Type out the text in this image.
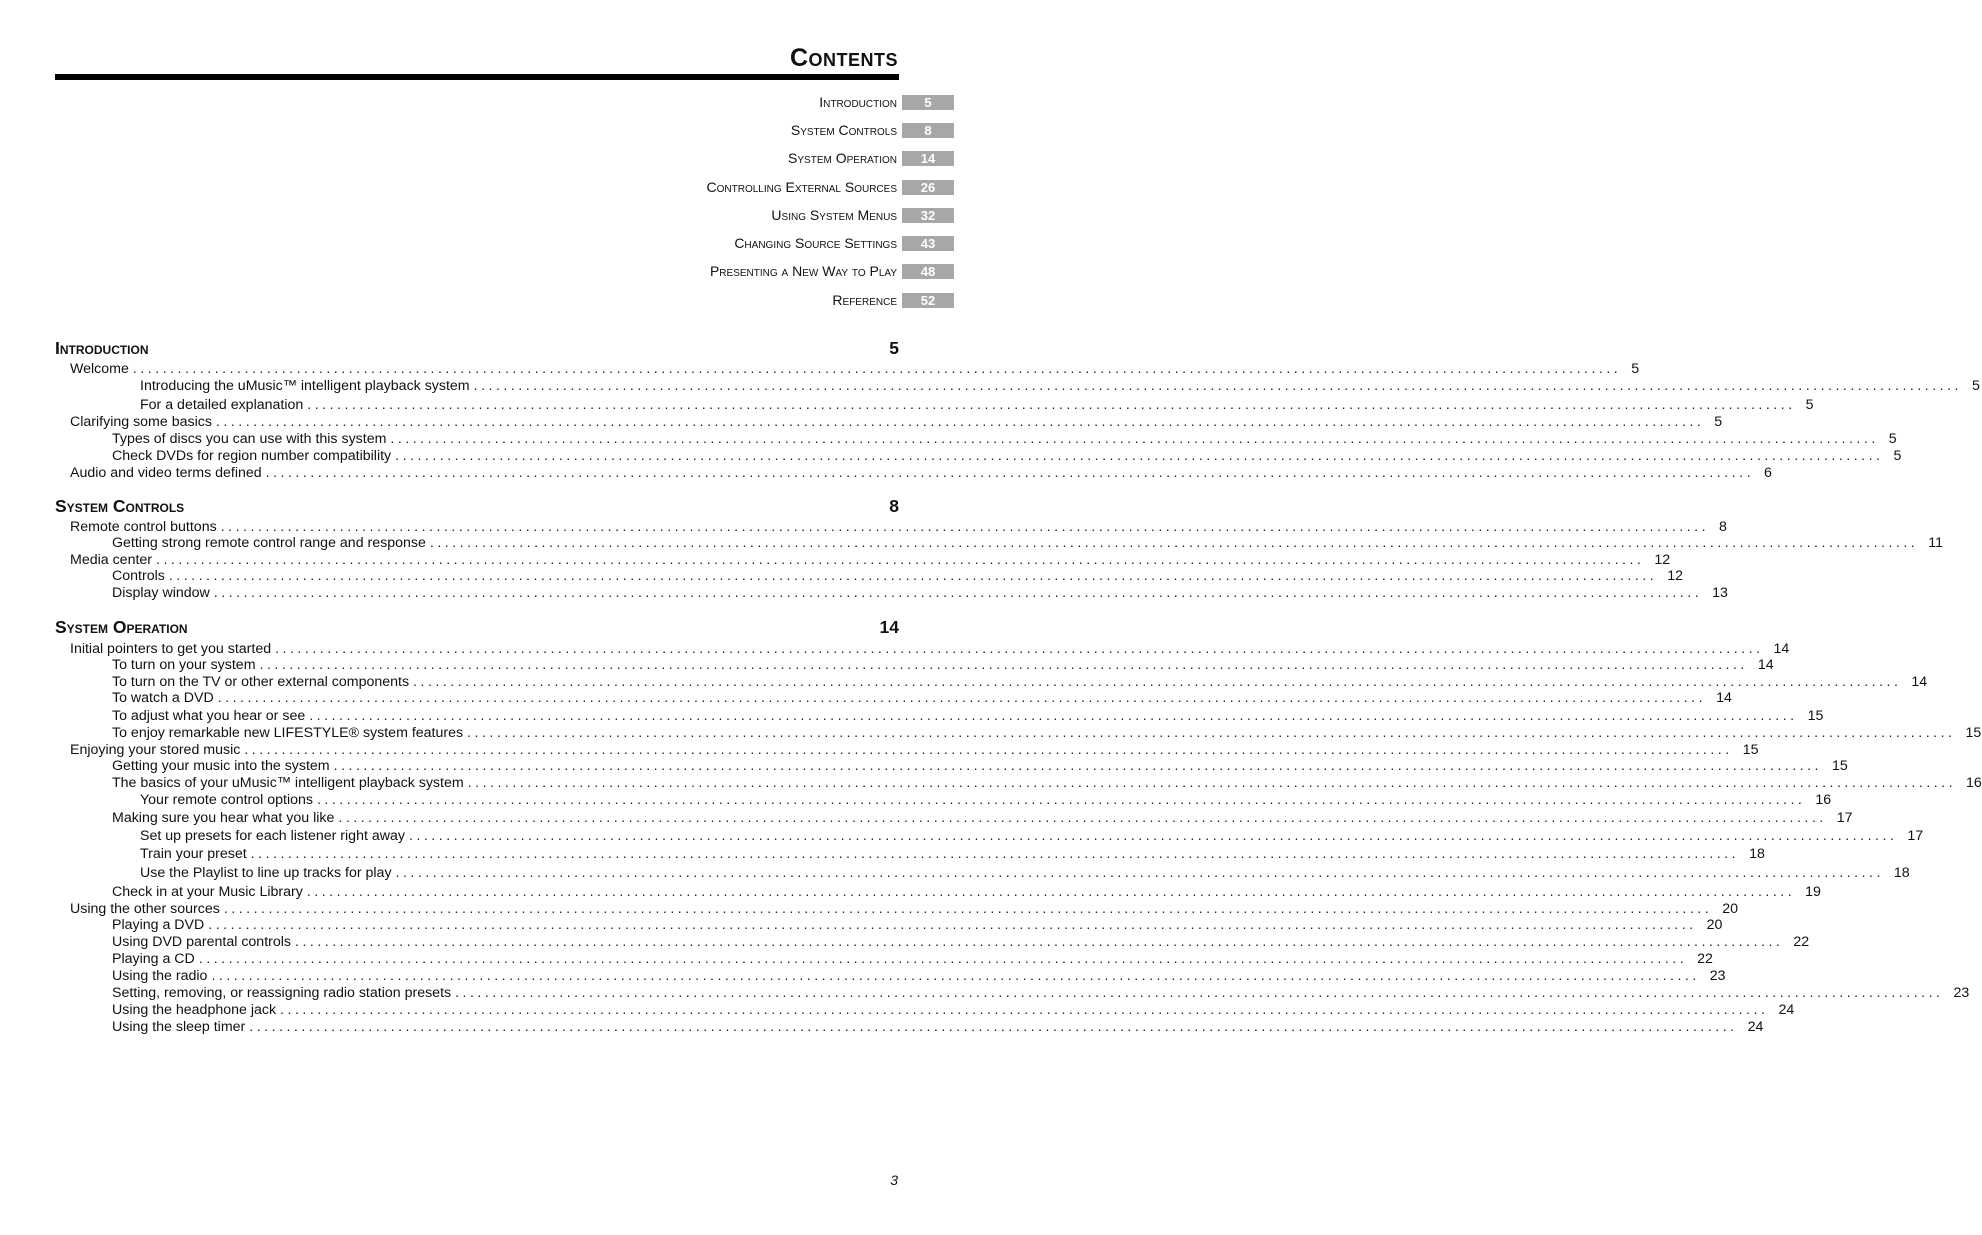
Contents
Introduction	5
System Controls	8
System Operation	14
Controlling External Sources	26
Using System Menus	32
Changing Source Settings	43
Presenting a New Way to Play	48
Reference	52
Introduction	5
Welcome ........................................................................................................................................................................................................ 5
Introducing the uMusic™ intelligent playback system ........................................................................................................................................................................................................ 5
For a detailed explanation ........................................................................................................................................................................................................ 5
Clarifying some basics ........................................................................................................................................................................................................ 5
Types of discs you can use with this system ........................................................................................................................................................................................................ 5
Check DVDs for region number compatibility ........................................................................................................................................................................................................ 5
Audio and video terms defined ........................................................................................................................................................................................................ 6
System Controls	8
Remote control buttons ........................................................................................................................................................................................................ 8
Getting strong remote control range and response ........................................................................................................................................................................................................ 11
Media center ........................................................................................................................................................................................................ 12
Controls ........................................................................................................................................................................................................ 12
Display window ........................................................................................................................................................................................................ 13
System Operation	14
Initial pointers to get you started ........................................................................................................................................................................................................ 14
To turn on your system ........................................................................................................................................................................................................ 14
To turn on the TV or other external components ........................................................................................................................................................................................................ 14
To watch a DVD ........................................................................................................................................................................................................ 14
To adjust what you hear or see ........................................................................................................................................................................................................ 15
To enjoy remarkable new LIFESTYLE® system features ........................................................................................................................................................................................................ 15
Enjoying your stored music ........................................................................................................................................................................................................ 15
Getting your music into the system ........................................................................................................................................................................................................ 15
The basics of your uMusic™ intelligent playback system ........................................................................................................................................................................................................ 16
Your remote control options ........................................................................................................................................................................................................ 16
Making sure you hear what you like ........................................................................................................................................................................................................ 17
Set up presets for each listener right away ........................................................................................................................................................................................................ 17
Train your preset ........................................................................................................................................................................................................ 18
Use the Playlist to line up tracks for play ........................................................................................................................................................................................................ 18
Check in at your Music Library ........................................................................................................................................................................................................ 19
Using the other sources ........................................................................................................................................................................................................ 20
Playing a DVD ........................................................................................................................................................................................................ 20
Using DVD parental controls ........................................................................................................................................................................................................ 22
Playing a CD ........................................................................................................................................................................................................ 22
Using the radio ........................................................................................................................................................................................................ 23
Setting, removing, or reassigning radio station presets ........................................................................................................................................................................................................ 23
Using the headphone jack ........................................................................................................................................................................................................ 24
Using the sleep timer ........................................................................................................................................................................................................ 24
3
